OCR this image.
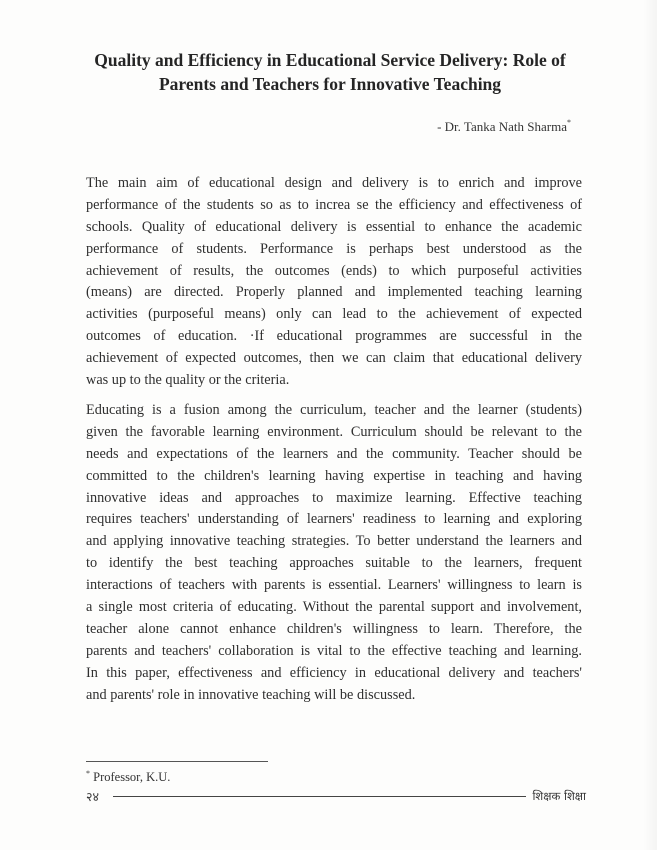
Quality and Efficiency in Educational Service Delivery: Role of
Parents and Teachers for Innovative Teaching
- Dr. Tanka Nath Sharma*
The main aim of educational design and delivery is to enrich and improve
performance of the students so as to increa se the efficiency and effectiveness of
schools. Quality of educational delivery is essential to enhance the academic
performance of students. Performance is perhaps best understood as the
achievement of results, the outcomes (ends) to which purposeful activities
(means) are directed. Properly planned and implemented teaching learning
activities (purposeful means) only can lead to the achievement of expected
outcomes of education. ·If educational programmes are successful in the
achievement of expected outcomes, then we can claim that educational delivery
was up to the quality or the criteria.
Educating is a fusion among the curriculum, teacher and the learner (students)
given the favorable learning environment. Curriculum should be relevant to the
needs and expectations of the learners and the community. Teacher should be
committed to the children's learning having expertise in teaching and having
innovative ideas and approaches to maximize learning. Effective teaching
requires teachers' understanding of learners' readiness to learning and exploring
and applying innovative teaching strategies. To better understand the learners and
to identify the best teaching approaches suitable to the learners, frequent
interactions of teachers with parents is essential. Learners' willingness to learn is
a single most criteria of educating. Without the parental support and involvement,
teacher alone cannot enhance children's willingness to learn. Therefore, the
parents and teachers' collaboration is vital to the effective teaching and learning.
In this paper, effectiveness and efficiency in educational delivery and teachers'
and parents' role in innovative teaching will be discussed.
* Professor, K.U.
२४	शिक्षक शिक्षा
